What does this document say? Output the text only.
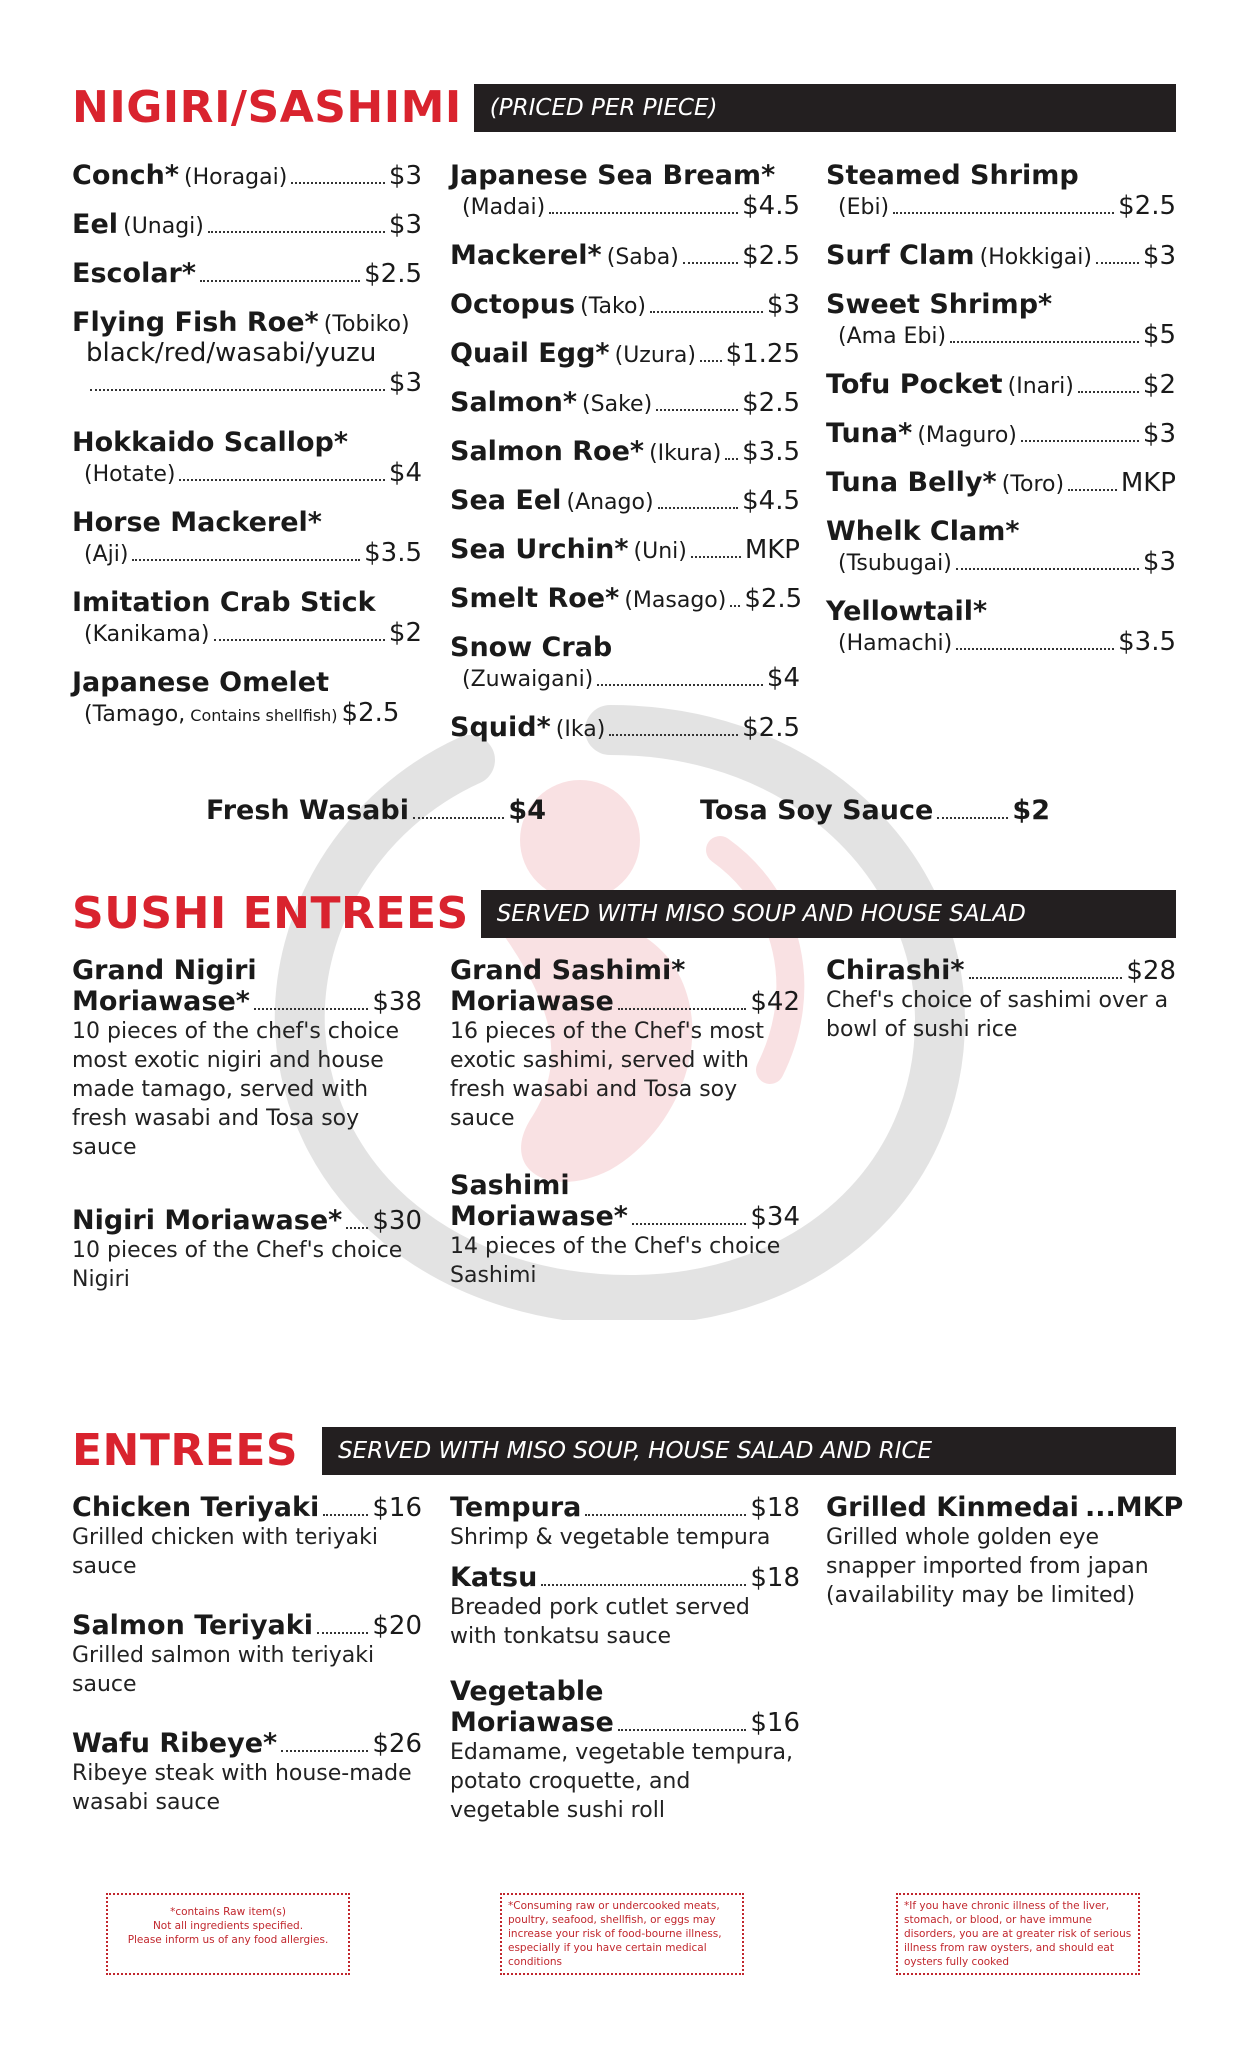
NIGIRI/SASHIMI	(PRICED PER PIECE)
Conch*
(Horagai)	$3
Eel
(Unagi)	$3
Escolar*	$2.5
Flying Fish Roe*
(Tobiko)
black/red/wasabi/yuzu
$3
Hokkaido Scallop*
(Hotate)	$4
Horse Mackerel*
(Aji)	$3.5
Imitation Crab Stick
(Kanikama)	$2
Japanese Omelet
(Tamago,
Contains shellfish) $2.5
Japanese Sea Bream*
(Madai)	$4.5
Mackerel*
(Saba) $2.5
Octopus
(Tako)	$3
Quail Egg*
(Uzura) $1.25
Salmon*
(Sake)	$2.5
Salmon Roe*
(Ikura) $3.5
Sea Eel
(Anago)	$4.5
Sea Urchin*
(Uni) MKP
Smelt Roe*
(Masago) $2.5
Snow Crab
(Zuwaigani)	$4
Squid*
(Ika)	$2.5
Steamed Shrimp
(Ebi)	$2.5
Surf Clam
(Hokkigai) $3
Sweet Shrimp*
(Ama Ebi)	$5
Tofu Pocket
(Inari)	$2
Tuna*
(Maguro)	$3
Tuna Belly*
(Toro) MKP
Whelk Clam*
(Tsubugai)	$3
Yellowtail*
(Hamachi)	$3.5
Fresh Wasabi	$4	Tosa Soy Sauce	$2
SUSHI ENTREES	SERVED WITH MISO SOUP AND HOUSE SALAD
Grand Nigiri
Moriawase*	$38
10 pieces of the chef's choice most exotic nigiri and house made tamago, served with fresh wasabi and Tosa soy sauce
Nigiri Moriawase* $30
10 pieces of the Chef's choice Nigiri
Grand Sashimi*
Moriawase	$42
16 pieces of the Chef's most exotic sashimi, served with fresh wasabi and Tosa soy sauce
Sashimi
Moriawase*	$34
14 pieces of the Chef's choice Sashimi
Chirashi*	$28
Chef's choice of sashimi over a bowl of sushi rice
ENTREES	SERVED WITH MISO SOUP, HOUSE SALAD AND RICE
Chicken Teriyaki $16
Grilled chicken with teriyaki sauce
Salmon Teriyaki $20
Grilled salmon with teriyaki sauce
Wafu Ribeye*	$26
Ribeye steak with house-made wasabi sauce
Tempura	$18
Shrimp & vegetable tempura
Katsu	$18
Breaded pork cutlet served with tonkatsu sauce
Vegetable
Moriawase	$16
Edamame, vegetable tempura, potato croquette, and vegetable sushi roll
Grilled Kinmedai ...MKP
Grilled whole golden eye snapper imported from japan (availability may be limited)
*contains Raw item(s)
Not all ingredients specified.
Please inform us of any food allergies.
*Consuming raw or undercooked meats, poultry, seafood, shellfish, or eggs may increase your risk of food-bourne illness, especially if you have certain medical conditions
*If you have chronic illness of the liver, stomach, or blood, or have immune disorders, you are at greater risk of serious illness from raw oysters, and should eat oysters fully cooked
